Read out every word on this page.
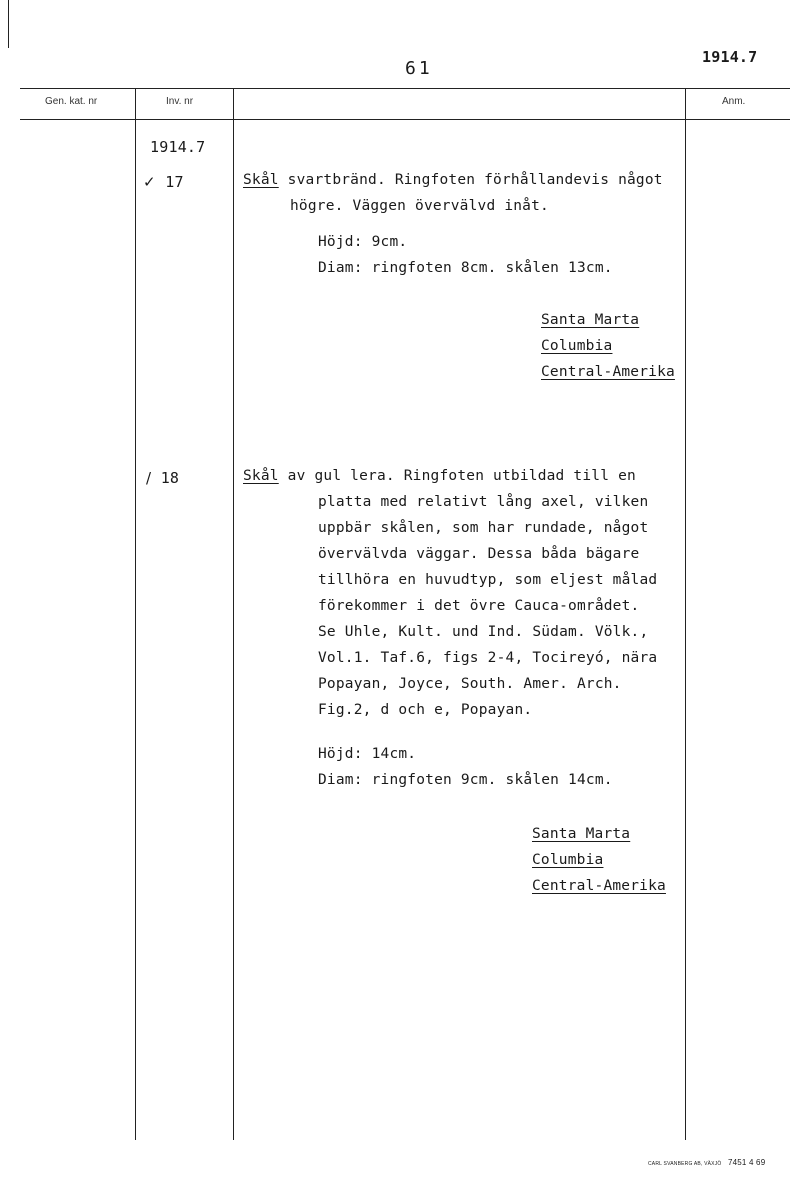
61
1914.7
Gen. kat. nr	Inv. nr	Anm.
1914.7
✓ 17
/ 18
Skål svartbränd. Ringfoten förhållandevis något
högre. Väggen övervälvd inåt.
Höjd: 9cm.
Diam: ringfoten 8cm. skålen 13cm.
Santa Marta
Columbia
Central-Amerika
Skål av gul lera. Ringfoten utbildad till en
platta med relativt lång axel, vilken
uppbär skålen, som har rundade, något
övervälvda väggar. Dessa båda bägare
tillhöra en huvudtyp, som eljest målad
förekommer i det övre Cauca-området.
Se Uhle, Kult. und Ind. Südam. Völk.,
Vol.1. Taf.6, figs 2-4, Tocireyó, nära
Popayan, Joyce, South. Amer. Arch.
Fig.2, d och e, Popayan.
Höjd: 14cm.
Diam: ringfoten 9cm. skålen 14cm.
Santa Marta
Columbia
Central-Amerika
CARL SVANBERG AB, VÄXJÖ 7451 4 69
